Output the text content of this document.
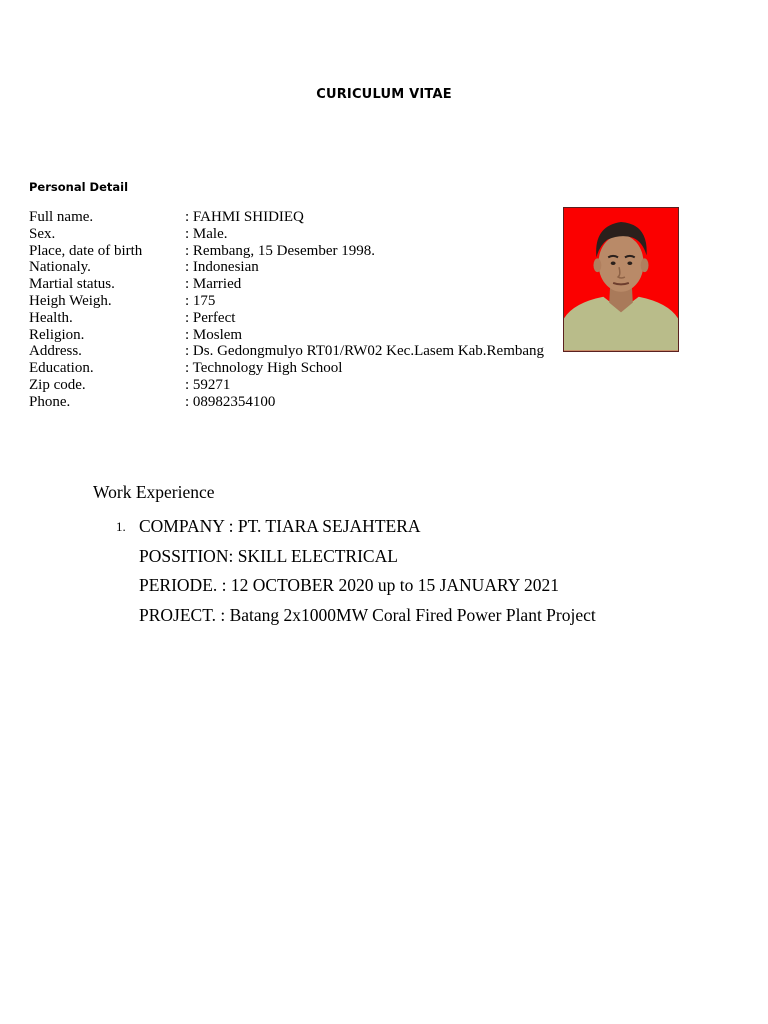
CURICULUM VITAE
Personal Detail
Full name.	: FAHMI SHIDIEQ
Sex.	: Male.
Place, date of birth	: Rembang, 15 Desember 1998.
Nationaly.	: Indonesian
Martial status.	: Married
Heigh Weigh.	: 175
Health.	: Perfect
Religion.	: Moslem
Address.	: Ds. Gedongmulyo RT01/RW02 Kec.Lasem Kab.Rembang
Education.	: Technology High School
Zip code.	: 59271
Phone.	: 08982354100
Work Experience
1. COMPANY : PT. TIARA SEJAHTERA
POSSITION: SKILL ELECTRICAL
PERIODE. : 12 OCTOBER 2020 up to 15 JANUARY 2021
PROJECT. : Batang 2x1000MW Coral Fired Power Plant Project
